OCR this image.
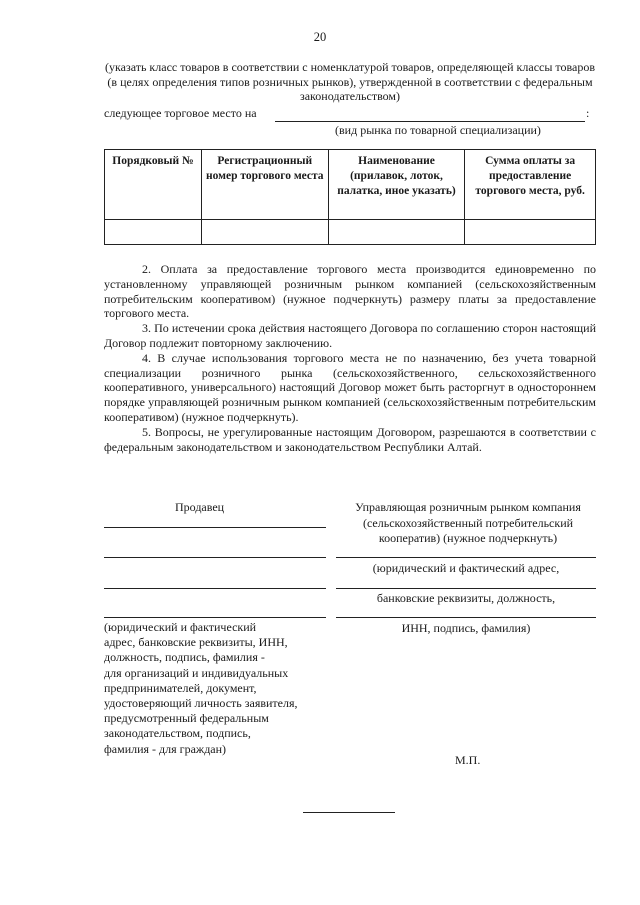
20
(указать класс товаров в соответствии с номенклатурой товаров, определяющей классы товаров (в целях определения типов розничных рынков), утвержденной в соответствии с федеральным законодательством)
следующее торговое место на	:
(вид рынка по товарной специализации)
Порядковый №	Регистрационный номер торгового места	Наименование (прилавок, лоток, палатка, иное указать)	Сумма оплаты за предоставление торгового места, руб.

2. Оплата за предоставление торгового места производится единовременно по установленному управляющей розничным рынком компанией (сельскохозяйственным потребительским кооперативом) (нужное подчеркнуть) размеру платы за предоставление торгового места.

3. По истечении срока действия настоящего Договора по соглашению сторон настоящий Договор подлежит повторному заключению.

4. В случае использования торгового места не по назначению, без учета товарной специализации розничного рынка (сельскохозяйственного, сельскохозяйственного кооперативного, универсального) настоящий Договор может быть расторгнут в одностороннем порядке управляющей розничным рынком компанией (сельскохозяйственным потребительским кооперативом) (нужное подчеркнуть).

5. Вопросы, не урегулированные настоящим Договором, разрешаются в соответствии с федеральным законодательством и законодательством Республики Алтай.

Продавец	Управляющая розничным рынком компания (сельскохозяйственный потребительский кооператив) (нужное подчеркнуть)
(юридический и фактический адрес,
банковские реквизиты, должность,
ИНН, подпись, фамилия)
(юридический и фактический
адрес, банковские реквизиты, ИНН,
должность, подпись, фамилия -
для организаций и индивидуальных
предпринимателей, документ,
удостоверяющий личность заявителя,
предусмотренный федеральным
законодательством, подпись,
фамилия - для граждан)
М.П.
